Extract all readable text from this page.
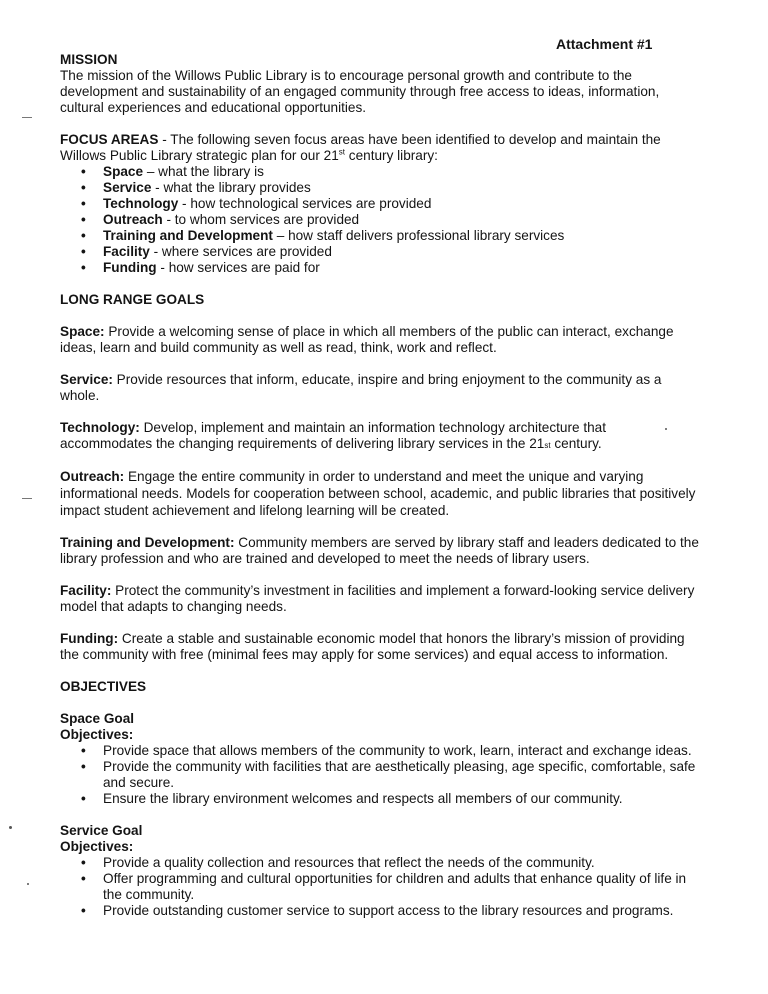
Attachment #1
MISSION

The mission of the Willows Public Library is to encourage personal growth and contribute to the development and sustainability of an engaged community through free access to ideas, information, cultural experiences and educational opportunities.

FOCUS AREAS - The following seven focus areas have been identified to develop and maintain the Willows Public Library strategic plan for our 21st century library:

• Space – what the library is
• Service - what the library provides
• Technology - how technological services are provided
• Outreach - to whom services are provided
• Training and Development – how staff delivers professional library services
• Facility - where services are provided
• Funding - how services are paid for
LONG RANGE GOALS

Space: Provide a welcoming sense of place in which all members of the public can interact, exchange ideas, learn and build community as well as read, think, work and reflect.

Service: Provide resources that inform, educate, inspire and bring enjoyment to the community as a whole.

Technology: Develop, implement and maintain an information technology architecture that accommodates the changing requirements of delivering library services in the 21st century.

Outreach: Engage the entire community in order to understand and meet the unique and varying informational needs. Models for cooperation between school, academic, and public libraries that positively impact student achievement and lifelong learning will be created.

Training and Development: Community members are served by library staff and leaders dedicated to the library profession and who are trained and developed to meet the needs of library users.

Facility: Protect the community’s investment in facilities and implement a forward-looking service delivery model that adapts to changing needs.

Funding: Create a stable and sustainable economic model that honors the library’s mission of providing the community with free (minimal fees may apply for some services) and equal access to information.

OBJECTIVES
Space Goal
Objectives:
• Provide space that allows members of the community to work, learn, interact and exchange ideas.
• Provide the community with facilities that are aesthetically pleasing, age specific, comfortable, safe and secure.
• Ensure the library environment welcomes and respects all members of our community.
Service Goal
Objectives:
• Provide a quality collection and resources that reflect the needs of the community.
• Offer programming and cultural opportunities for children and adults that enhance quality of life in the community.
• Provide outstanding customer service to support access to the library resources and programs.
